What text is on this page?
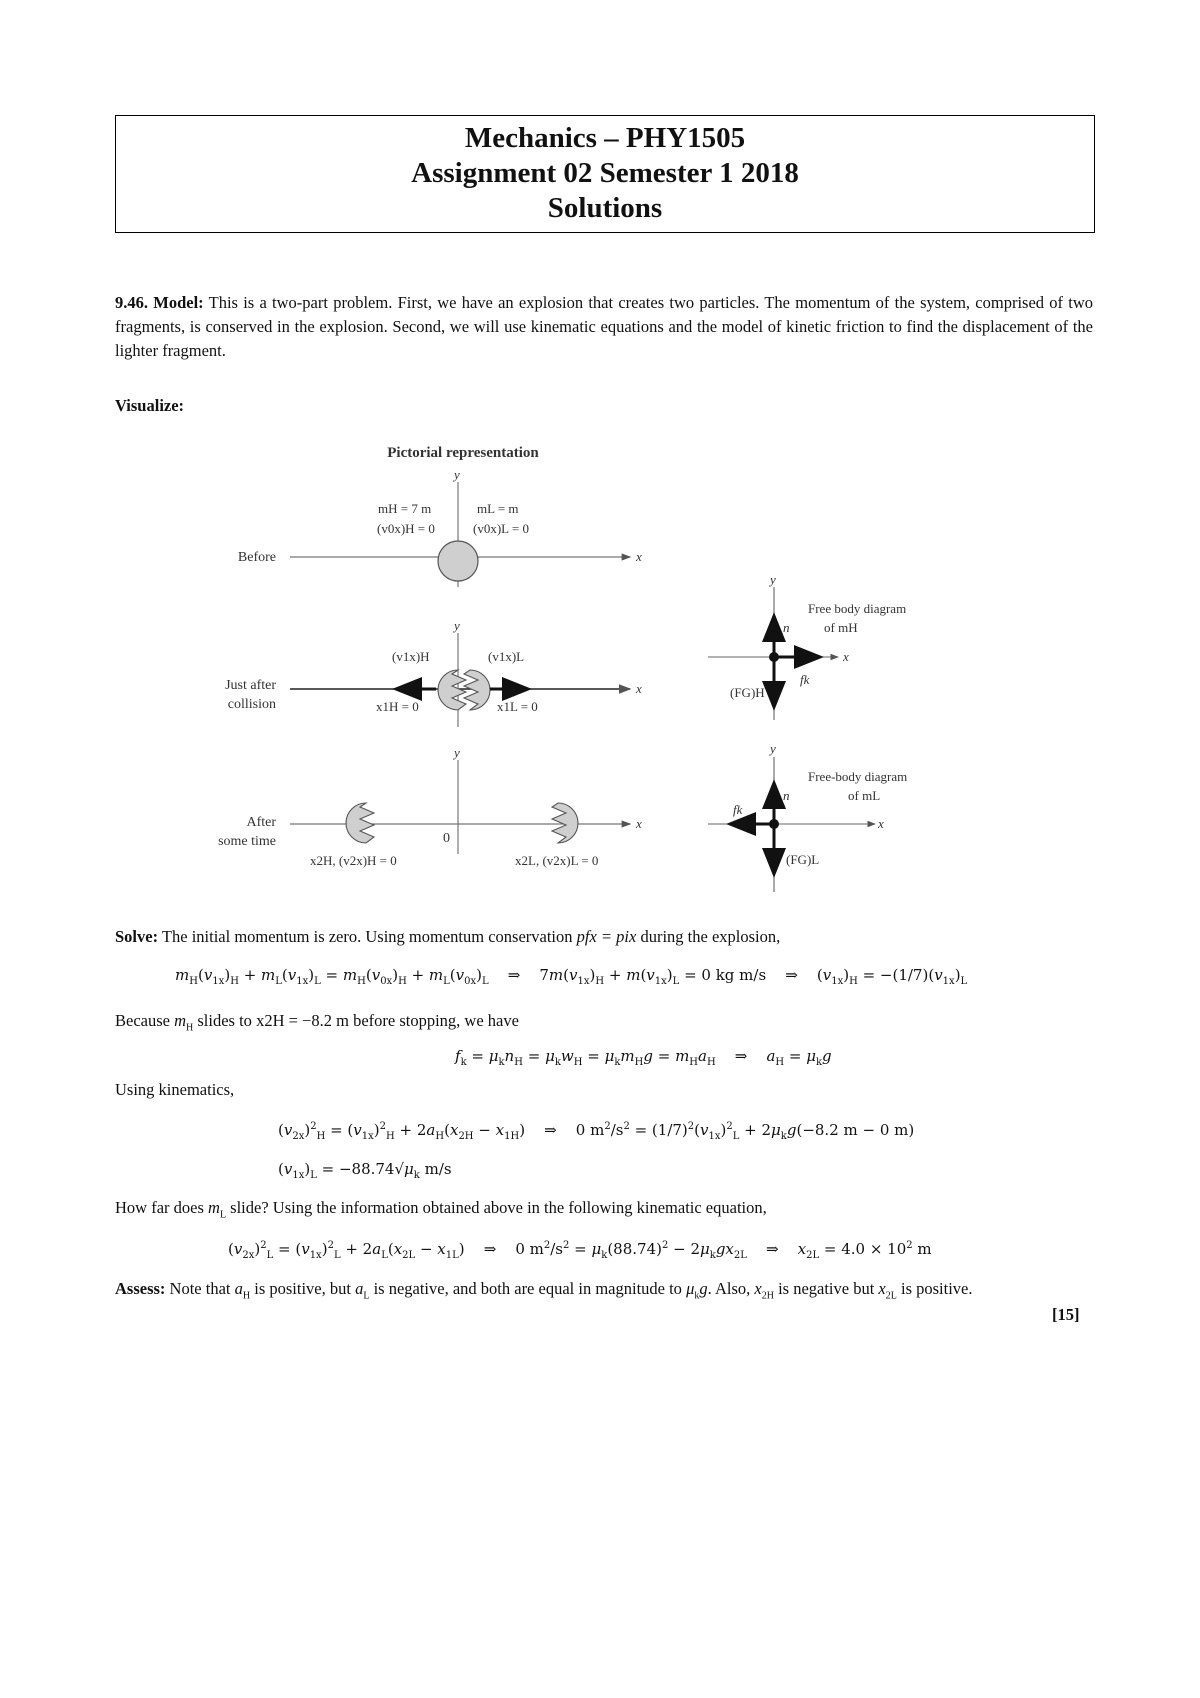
Mechanics – PHY1505
Assignment 02 Semester 1 2018
Solutions
9.46. Model: This is a two-part problem. First, we have an explosion that creates two particles. The momentum of the system, comprised of two fragments, is conserved in the explosion. Second, we will use kinematic equations and the model of kinetic friction to find the displacement of the lighter fragment.
Visualize:
Pictorial representation
x
y
Before
mH = 7 m
(v0x)H = 0
mL = m
(v0x)L = 0
x
y
Just after
collision
(v1x)H	(v1x)L
x1H = 0	x1L = 0
x
y
After
some time	0
x2H, (v2x)H = 0	x2L, (v2x)L = 0
x
y
n
fk
(FG)H
Free body diagram
of mH
x
y
n
fk
(FG)L
Free-body diagram
of mL
Solve: The initial momentum is zero. Using momentum conservation pfx = pix during the explosion,
$m_H(v_{1x})_H + m_L(v_{1x})_L = m_H(v_{0x})_H + m_L(v_{0x})_L$    ⇒    $7m(v_{1x})_H + m(v_{1x})_L = 0$ kg m/s    ⇒    $(v_{1x})_H = -(1/7)(v_{1x})_L$
Because $m_H$ slides to x2H = −8.2 m before stopping, we have
$f_k = \mu_kn_H = \mu_kw_H = \mu_km_Hg = m_Ha_H$    ⇒    $a_H = \mu_kg$
Using kinematics,
$(v_{2x})^2_H = (v_{1x})^2_H + 2a_H(x_{2H} - x_{1H})$    ⇒    0 $m^2/s^2 = (1/7)^2(v_{1x})^2_L + 2\mu_kg(-8.2$ m − 0 m)
$(v_{1x})_L = -88.74√\mu_k$ m/s
How far does $m_L$ slide? Using the information obtained above in the following kinematic equation,
$(v_{2x})^2_L = (v_{1x})^2_L + 2a_L(x_{2L} - x_{1L})$    ⇒    0 $m^2/s^2 = \mu_k(88.74)^2 - 2\mu_kgx_{2L}$    ⇒    $x_{2L} = 4.0 \times 10^2$ m
Assess: Note that $a_H$ is positive, but $a_L$ is negative, and both are equal in magnitude to $\mu_kg$. Also, $x_{2H}$ is negative but $x_{2L}$ is positive.
[15]
